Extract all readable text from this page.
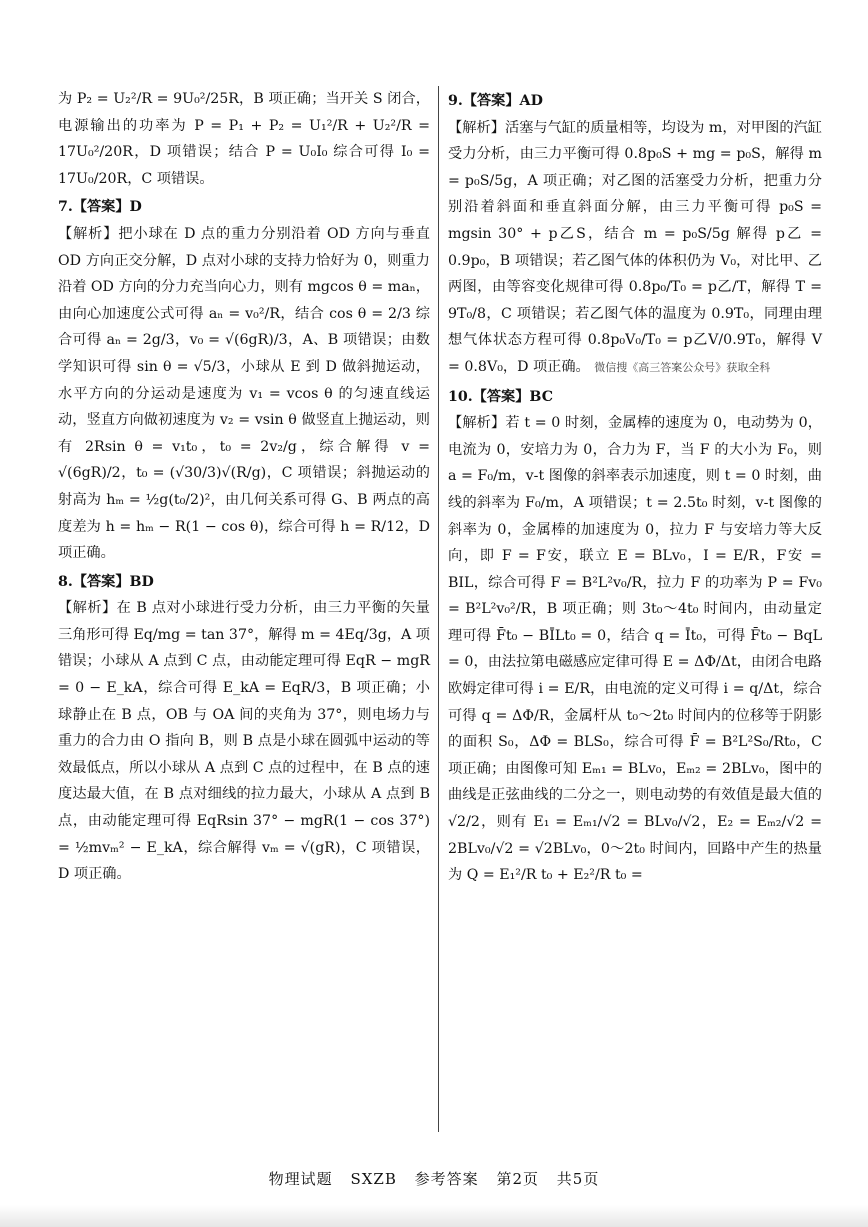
为 P₂ = U₂²/R = 9U₀²/25R，B 项正确；当开关 S 闭合，电源输出的功率为 P = P₁ + P₂ = U₁²/R + U₂²/R = 17U₀²/20R，D 项错误；结合 P = U₀I₀ 综合可得 I₀ = 17U₀/20R，C 项错误。

7.【答案】D

【解析】把小球在 D 点的重力分别沿着 OD 方向与垂直 OD 方向正交分解，D 点对小球的支持力恰好为 0，则重力沿着 OD 方向的分力充当向心力，则有 mgcos θ = maₙ，由向心加速度公式可得 aₙ = v₀²/R，结合 cos θ = 2/3 综合可得 aₙ = 2g/3，v₀ = √(6gR)/3，A、B 项错误；由数学知识可得 sin θ = √5/3，小球从 E 到 D 做斜抛运动，水平方向的分运动是速度为 v₁ = vcos θ 的匀速直线运动，竖直方向做初速度为 v₂ = vsin θ 做竖直上抛运动，则有 2Rsin θ = v₁t₀，t₀ = 2v₂/g，综合解得 v = √(6gR)/2，t₀ = (√30/3)√(R/g)，C 项错误；斜抛运动的射高为 hₘ = ½g(t₀/2)²，由几何关系可得 G、B 两点的高度差为 h = hₘ − R(1 − cos θ)，综合可得 h = R/12，D 项正确。

8.【答案】BD

【解析】在 B 点对小球进行受力分析，由三力平衡的矢量三角形可得 Eq/mg = tan 37°，解得 m = 4Eq/3g，A 项错误；小球从 A 点到 C 点，由动能定理可得 EqR − mgR = 0 − E_kA，综合可得 E_kA = EqR/3，B 项正确；小球静止在 B 点，OB 与 OA 间的夹角为 37°，则电场力与重力的合力由 O 指向 B，则 B 点是小球在圆弧中运动的等效最低点，所以小球从 A 点到 C 点的过程中，在 B 点的速度达最大值，在 B 点对细线的拉力最大，小球从 A 点到 B 点，由动能定理可得 EqRsin 37° − mgR(1 − cos 37°) = ½mvₘ² − E_kA，综合解得 vₘ = √(gR)，C 项错误，D 项正确。

9.【答案】AD

【解析】活塞与气缸的质量相等，均设为 m，对甲图的汽缸受力分析，由三力平衡可得 0.8p₀S + mg = p₀S，解得 m = p₀S/5g，A 项正确；对乙图的活塞受力分析，把重力分别沿着斜面和垂直斜面分解，由三力平衡可得 p₀S = mgsin 30° + p乙S，结合 m = p₀S/5g 解得 p乙 = 0.9p₀，B 项错误；若乙图气体的体积仍为 V₀，对比甲、乙两图，由等容变化规律可得 0.8p₀/T₀ = p乙/T，解得 T = 9T₀/8，C 项错误；若乙图气体的温度为 0.9T₀，同理由理想气体状态方程可得 0.8p₀V₀/T₀ = p乙V/0.9T₀，解得 V = 0.8V₀，D 项正确。 微信搜《高三答案公众号》获取全科

10.【答案】BC

【解析】若 t = 0 时刻，金属棒的速度为 0，电动势为 0，电流为 0，安培力为 0，合力为 F，当 F 的大小为 F₀，则 a = F₀/m，v-t 图像的斜率表示加速度，则 t = 0 时刻，曲线的斜率为 F₀/m，A 项错误；t = 2.5t₀ 时刻，v-t 图像的斜率为 0，金属棒的加速度为 0，拉力 F 与安培力等大反向，即 F = F安，联立 E = BLv₀，I = E/R，F安 = BIL，综合可得 F = B²L²v₀/R，拉力 F 的功率为 P = Fv₀ = B²L²v₀²/R，B 项正确；则 3t₀～4t₀ 时间内，由动量定理可得 F̄t₀ − BĪLt₀ = 0，结合 q = Īt₀，可得 F̄t₀ − BqL = 0，由法拉第电磁感应定律可得 E = ΔΦ/Δt，由闭合电路欧姆定律可得 i = E/R，由电流的定义可得 i = q/Δt，综合可得 q = ΔΦ/R，金属杆从 t₀～2t₀ 时间内的位移等于阴影的面积 S₀，ΔΦ = BLS₀，综合可得 F̄ = B²L²S₀/Rt₀，C 项正确；由图像可知 Eₘ₁ = BLv₀，Eₘ₂ = 2BLv₀，图中的曲线是正弦曲线的二分之一，则电动势的有效值是最大值的 √2/2，则有 E₁ = Eₘ₁/√2 = BLv₀/√2，E₂ = Eₘ₂/√2 = 2BLv₀/√2 = √2BLv₀，0～2t₀ 时间内，回路中产生的热量为 Q = E₁²/R t₀ + E₂²/R t₀ =

物理试题 SXZB 参考答案 第2页 共5页
